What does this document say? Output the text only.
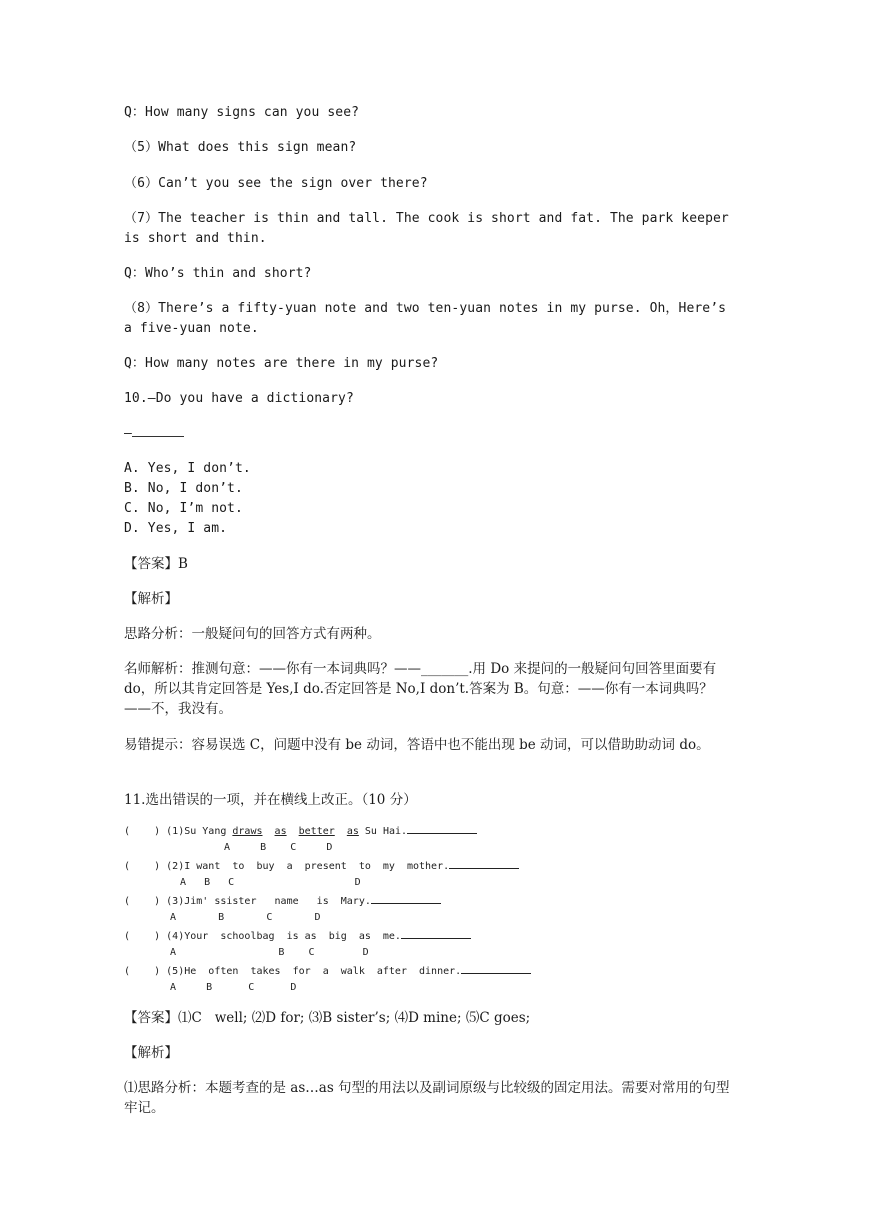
Q：How many signs can you see?
（5）What does this sign mean?
（6）Can’t you see the sign over there?
（7）The teacher is thin and tall. The cook is short and fat. The park keeper is short and thin.
Q：Who’s thin and short?
（8）There’s a fifty-yuan note and two ten-yuan notes in my purse. Oh，Here’s a five-yuan note.
Q：How many notes are there in my purse?
10.—Do you have a dictionary?
—
A. Yes, I don’t.
B. No, I don’t.
C. No, I’m not.
D. Yes, I am.
【答案】B
【解析】
思路分析：一般疑问句的回答方式有两种。
名师解析：推测句意：——你有一本词典吗？——_______.用 Do 来提问的一般疑问句回答里面要有 do，所以其肯定回答是 Yes,I do.否定回答是 No,I don’t.答案为 B。句意：——你有一本词典吗？——不，我没有。
易错提示：容易误选 C，问题中没有 be 动词，答语中也不能出现 be 动词，可以借助助动词 do。
11.选出错误的一项，并在横线上改正。（10 分）
(    ) (1)Su Yang draws as better as Su Hai.
A     B    C     D
(    ) (2)I want  to  buy  a  present  to  my  mother.
A   B   C                    D
(    ) (3)Jim' ssister   name   is  Mary.
A       B       C       D
(    ) (4)Your  schoolbag  is as  big  as  me.
A                 B    C        D
(    ) (5)He  often  takes  for  a  walk  after  dinner.
A     B      C      D
【答案】⑴C   well; ⑵D for; ⑶B sister’s; ⑷D mine; ⑸C goes;
【解析】
⑴思路分析：本题考查的是 as…as 句型的用法以及副词原级与比较级的固定用法。需要对常用的句型牢记。
